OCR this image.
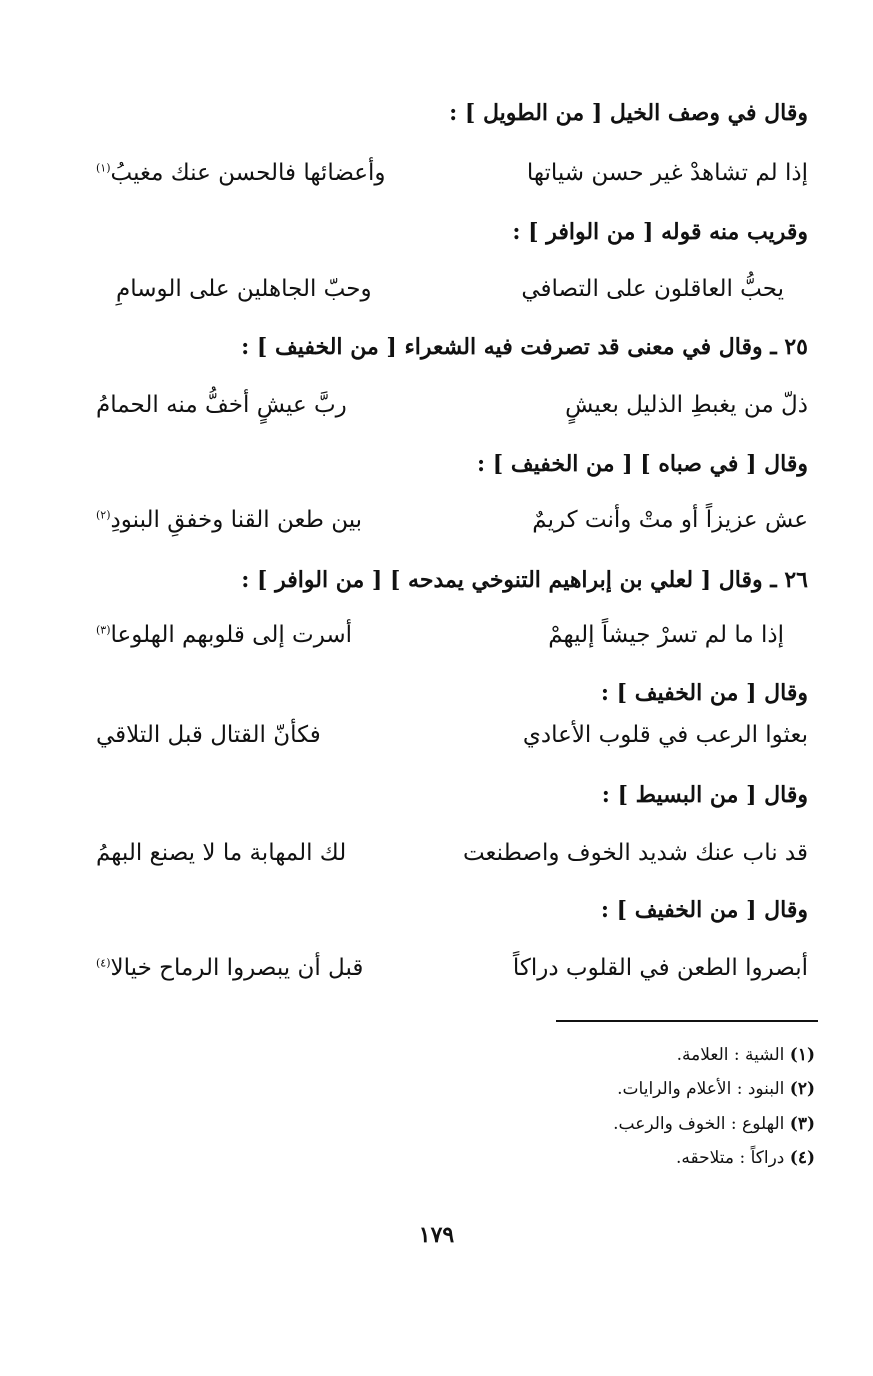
وقال في وصف الخيل [ من الطويل ] :
إذا لم تشاهدْ غير حسن شياتها
وأعضائها فالحسن عنك مغيبُ$^{(١)}$
وقريب منه قوله [ من الوافر ] :
يحبُّ العاقلون على التصافي
وحبّ الجاهلين على الوسامِ
٢٥ ـ وقال في معنى قد تصرفت فيه الشعراء [ من الخفيف ] :
ذلّ من يغبطِ الذليل بعيشٍ
ربَّ عيشٍ أخفُّ منه الحمامُ
وقال [ في صباه ] [ من الخفيف ] :
عش عزيزاً أو متْ وأنت كريمٌ
بين طعن القنا وخفقِ البنودِ$^{(٢)}$
٢٦ ـ وقال [ لعلي بن إبراهيم التنوخي يمدحه ] [ من الوافر ] :
إذا ما لم تسرْ جيشاً إليهمْ
أسرت إلى قلوبهم الهلوعا$^{(٣)}$
وقال [ من الخفيف ] :
بعثوا الرعب في قلوب الأعادي
فكأنّ القتال قبل التلاقي
وقال [ من البسيط ] :
قد ناب عنك شديد الخوف واصطنعت
لك المهابة ما لا يصنع البهمُ
وقال [ من الخفيف ] :
أبصروا الطعن في القلوب دراكاً
قبل أن يبصروا الرماح خيالا$^{(٤)}$
(١) الشية : العلامة.
(٢) البنود : الأعلام والرايات.
(٣) الهلوع : الخوف والرعب.
(٤) دراكاً : متلاحقه.
١٧٩
